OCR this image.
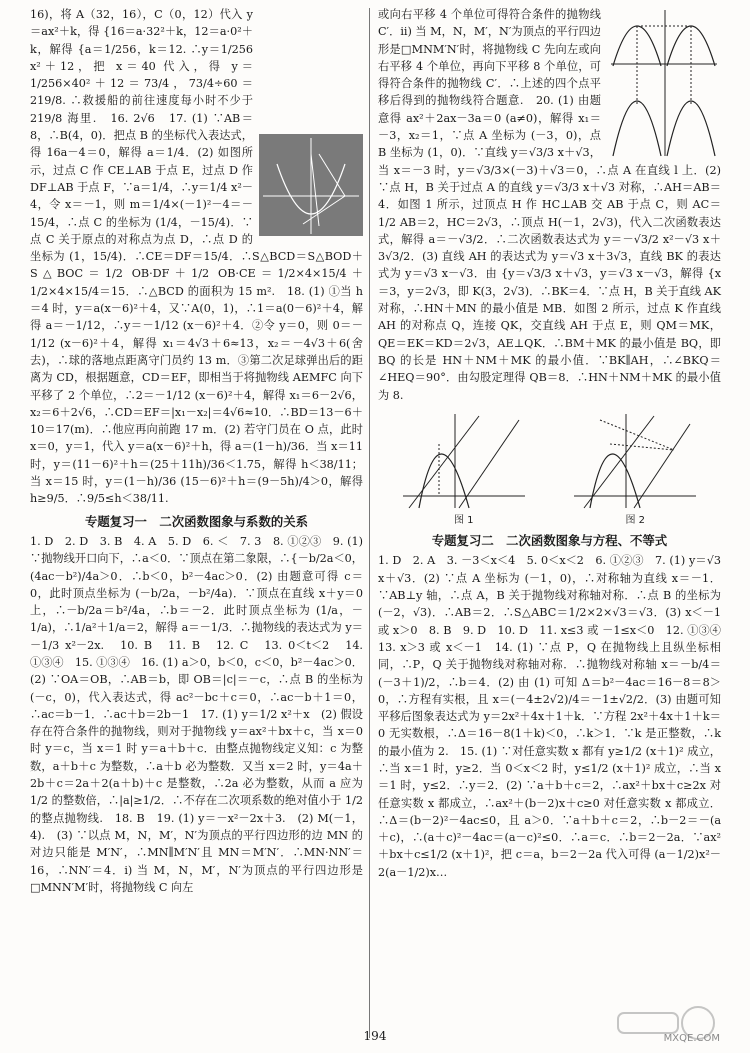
16)，将 A（32，16），C（0，12）代入 y＝ax²＋k，得 {16＝a·32²＋k，12＝a·0²＋k，解得 {a＝1/256，k＝12. ∴y＝1/256 x²＋12，把 x＝40 代入，得 y＝1/256×40²＋12＝73/4，73/4÷60＝219/8. ∴救援船的前往速度每小时不少于 219/8 海里.　16. 2√6　17. (1) ∵AB＝8，∴B(4，0)．把点 B 的坐标代入表达式，得 16a－4＝0，解得 a＝1/4．(2) 如图所示，过点 C 作 CE⊥AB 于点 E，过点 D 作 DF⊥AB 于点 F，∵a＝1/4，∴y＝1/4 x²－4，令 x＝－1，则 m＝1/4×(－1)²－4＝－15/4，∴点 C 的坐标为 (1/4，－15/4)．∵点 C 关于原点的对称点为点 D，∴点 D 的坐标为 (1，15/4)．∴CE＝DF＝15/4．∴S△BCD＝S△BOD＋S△BOC＝1/2 OB·DF＋1/2 OB·CE＝1/2×4×15/4＋1/2×4×15/4＝15．∴△BCD 的面积为 15 m².　18. (1) ①当 h＝4 时，y＝a(x－6)²＋4，又∵A(0，1)，∴1＝a(0－6)²＋4，解得 a＝－1/12，∴y＝－1/12 (x－6)²＋4．②令 y＝0，则 0＝－1/12 (x－6)²＋4，解得 x₁＝4√3＋6≈13，x₂＝－4√3＋6(舍去)，∴球的落地点距离守门员约 13 m．③第二次足球弹出后的距离为 CD，根据题意，CD＝EF，即相当于将抛物线 AEMFC 向下平移了 2 个单位，∴2＝－1/12 (x－6)²＋4，解得 x₁＝6－2√6，x₂＝6＋2√6，∴CD＝EF＝|x₁－x₂|＝4√6≈10．∴BD＝13－6＋10＝17(m)．∴他应再向前跑 17 m．(2) 若守门员在 O 点，此时 x＝0，y＝1，代入 y＝a(x－6)²＋h，得 a＝(1－h)/36．当 x＝11 时，y＝(11－6)²＋h＝(25＋11h)/36＜1.75，解得 h＜38/11；当 x＝15 时，y＝(1－h)/36 (15－6)²＋h＝(9－5h)/4＞0，解得 h≥9/5．∴9/5≤h＜38/11.

专题复习一　二次函数图象与系数的关系

1. D　2. D　3. B　4. A　5. D　6. ＜　7. 3　8. ①②③　9. (1) ∵抛物线开口向下，∴a＜0．∵顶点在第二象限，∴{－b/2a＜0，(4ac－b²)/4a＞0．∴b＜0，b²－4ac＞0．(2) 由题意可得 c＝0，此时顶点坐标为 (－b/2a，－b²/4a)．∵顶点在直线 x＋y＝0 上，∴－b/2a＝b²/4a，∴b＝－2．此时顶点坐标为 (1/a，－1/a)，∴1/a²＋1/a＝2，解得 a＝－1/3．∴抛物线的表达式为 y＝－1/3 x²－2x.　10. B　11. B　12. C　13. 0＜t＜2　14. ①③④　15. ①③④　16. (1) a＞0，b＜0，c＜0，b²－4ac＞0．(2) ∵OA＝OB，∴AB＝b，即 OB＝|c|＝－c，∴点 B 的坐标为 (－c，0)，代入表达式，得 ac²－bc＋c＝0，∴ac－b＋1＝0，∴ac＝b－1．∴ac＋b＝2b－1　17. (1) y＝1/2 x²＋x　(2) 假设存在符合条件的抛物线，则对于抛物线 y＝ax²＋bx＋c，当 x＝0 时 y＝c，当 x＝1 时 y＝a＋b＋c．由整点抛物线定义知：c 为整数，a＋b＋c 为整数，∴a＋b 必为整数．又当 x＝2 时，y＝4a＋2b＋c＝2a＋2(a＋b)＋c 是整数，∴2a 必为整数，从而 a 应为 1/2 的整数倍，∴|a|≥1/2．∴不存在二次项系数的绝对值小于 1/2 的整点抛物线.　18. B　19. (1) y＝－x²－2x＋3.　(2) M(－1，4).　(3) ∵以点 M，N，M′，N′为顶点的平行四边形的边 MN 的对边只能是 M′N′，∴MN∥M′N′且 MN＝M′N′．∴MN·NN′＝16，∴NN′＝4．i) 当 M，N，M′，N′为顶点的平行四边形是□MNN′M′时，将抛物线 C 向左

或向右平移 4 个单位可得符合条件的抛物线 C′．ii) 当 M，N，M′，N′为顶点的平行四边形是□MNM′N′时，将抛物线 C 先向左或向右平移 4 个单位，再向下平移 8 个单位，可得符合条件的抛物线 C′．∴上述的四个点平移后得到的抛物线符合题意.　20. (1) 由题意得 ax²＋2ax－3a＝0 (a≠0)，解得 x₁＝－3，x₂＝1，∵点 A 坐标为 (－3，0)，点 B 坐标为 (1，0)．∵直线 y＝√3/3 x＋√3，当 x＝－3 时，y＝√3/3×(－3)＋√3＝0，∴点 A 在直线 l 上．(2) ∵点 H，B 关于过点 A 的直线 y＝√3/3 x＋√3 对称，∴AH＝AB＝4．如图 1 所示，过顶点 H 作 HC⊥AB 交 AB 于点 C，则 AC＝1/2 AB＝2，HC＝2√3，∴顶点 H(－1，2√3)，代入二次函数表达式，解得 a＝－√3/2．∴二次函数表达式为 y＝－√3/2 x²－√3 x＋3√3/2．(3) 直线 AH 的表达式为 y＝√3 x＋3√3，直线 BK 的表达式为 y＝√3 x－√3．由 {y＝√3/3 x＋√3，y＝√3 x－√3，解得 {x＝3，y＝2√3，即 K(3，2√3)．∴BK＝4．∵点 H，B 关于直线 AK 对称，∴HN＋MN 的最小值是 MB．如图 2 所示，过点 K 作直线 AH 的对称点 Q，连接 QK，交直线 AH 于点 E，则 QM＝MK，QE＝EK＝KD＝2√3，AE⊥QK．∴BM＋MK 的最小值是 BQ，即 BQ 的长是 HN＋NM＋MK 的最小值．∵BK∥AH，∴∠BKQ＝∠HEQ＝90°．由勾股定理得 QB＝8．∴HN＋NM＋MK 的最小值为 8.

图 1	图 2
专题复习二　二次函数图象与方程、不等式

1. D　2. A　3. －3＜x＜4　5. 0＜x＜2　6. ①②③　7. (1) y＝√3 x＋√3．(2) ∵点 A 坐标为 (－1，0)，∴对称轴为直线 x＝－1．∵AB⊥y 轴，∴点 A，B 关于抛物线对称轴对称．∴点 B 的坐标为 (－2，√3)．∴AB＝2．∴S△ABC＝1/2×2×√3＝√3．(3) x＜－1 或 x＞0　8. B　9. D　10. D　11. x≤3 或 －1≤x＜0　12. ①③④　13. x＞3 或 x＜－1　14. (1) ∵点 P，Q 在抛物线上且纵坐标相同，∴P，Q 关于抛物线对称轴对称．∴抛物线对称轴 x＝－b/4＝(－3＋1)/2，∴b＝4．(2) 由 (1) 可知 Δ＝b²－4ac＝16－8＝8＞0，∴方程有实根，且 x＝(－4±2√2)/4＝－1±√2/2．(3) 由题可知平移后图象表达式为 y＝2x²＋4x＋1＋k．∵方程 2x²＋4x＋1＋k＝0 无实数根，∴Δ＝16－8(1＋k)＜0，∴k＞1．∵k 是正整数，∴k 的最小值为 2.　15. (1) ∵对任意实数 x 都有 y≥1/2 (x＋1)² 成立，∴当 x＝1 时，y≥2．当 0＜x＜2 时，y≤1/2 (x＋1)² 成立，∴当 x＝1 时，y≤2．∴y＝2．(2) ∵a＋b＋c＝2，∴ax²＋bx＋c≥2x 对任意实数 x 都成立，∴ax²＋(b－2)x＋c≥0 对任意实数 x 都成立．∴Δ＝(b－2)²－4ac≤0，且 a＞0．∵a＋b＋c＝2，∴b－2＝－(a＋c)，∴(a＋c)²－4ac＝(a－c)²≤0．∴a＝c．∴b＝2－2a．∵ax²＋bx＋c≤1/2 (x＋1)²，把 c＝a，b＝2－2a 代入可得 (a－1/2)x²－2(a－1/2)x…

194	MXQE.COM
